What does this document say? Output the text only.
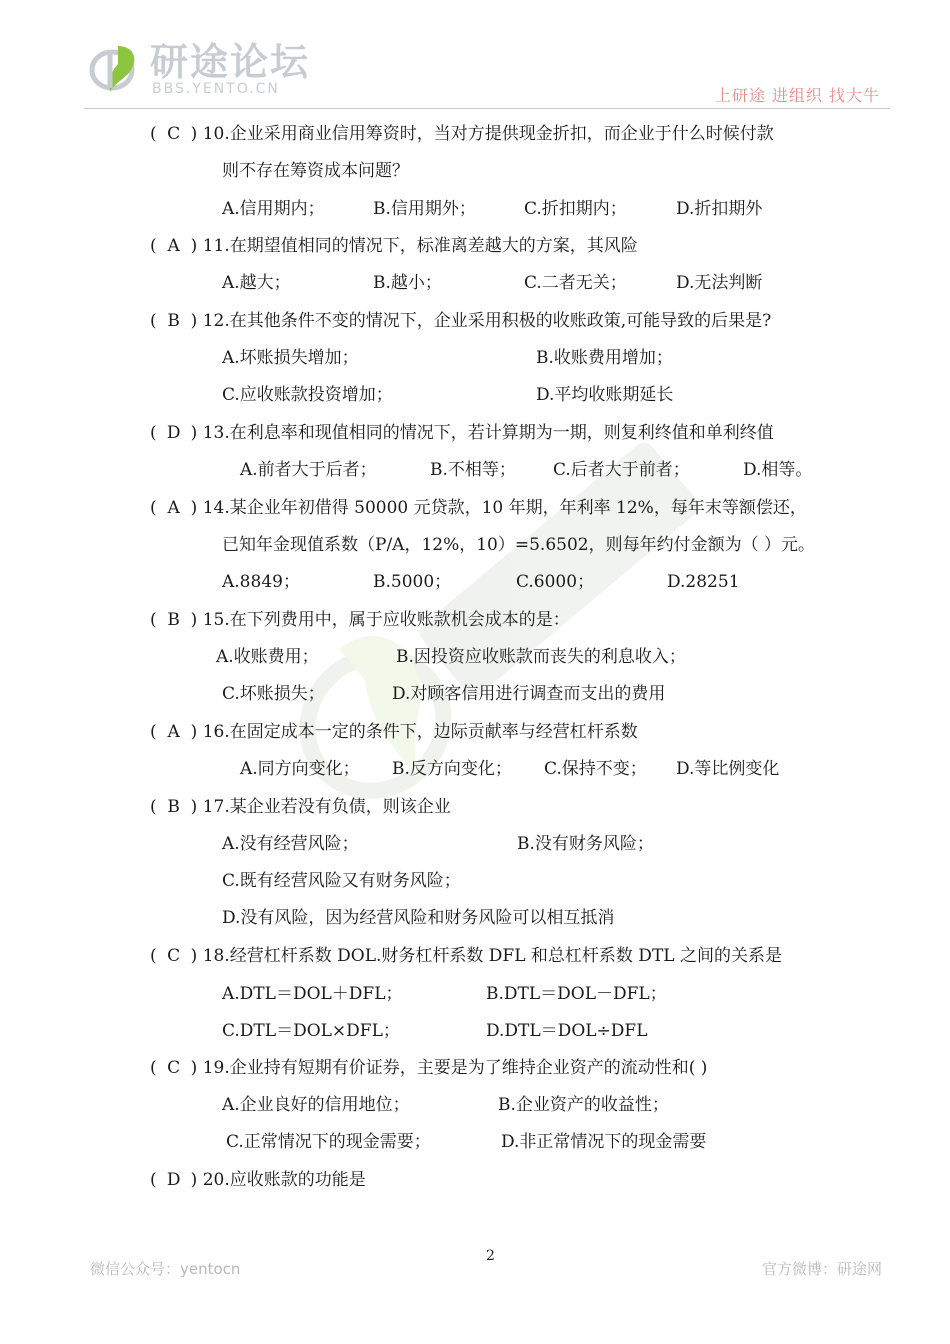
研途论坛
BBS.YENTO.CN	上研途 进组织 找大牛
( C ) 10.企业采用商业信用筹资时，当对方提供现金折扣，而企业于什么时候付款
则不存在筹资成本问题？
A.信用期内；	B.信用期外；	C.折扣期内；	D.折扣期外
( A ) 11.在期望值相同的情况下，标准离差越大的方案，其风险
A.越大；	B.越小；	C.二者无关；	D.无法判断
( B ) 12.在其他条件不变的情况下，企业采用积极的收账政策,可能导致的后果是?
A.坏账损失增加；	B.收账费用增加；
C.应收账款投资增加；	D.平均收账期延长
( D ) 13.在利息率和现值相同的情况下，若计算期为一期，则复利终值和单利终值
A.前者大于后者；	B.不相等； C.后者大于前者；	D.相等。
( A ) 14.某企业年初借得 50000 元贷款，10 年期，年利率 12%，每年末等额偿还，
已知年金现值系数（P/A，12%，10）=5.6502，则每年约付金额为（ ）元。
A.8849；	B.5000；	C.6000；	D.28251
( B ) 15.在下列费用中，属于应收账款机会成本的是：
A.收账费用；	B.因投资应收账款而丧失的利息收入；
C.坏账损失；	D.对顾客信用进行调查而支出的费用
( A ) 16.在固定成本一定的条件下，边际贡献率与经营杠杆系数
A.同方向变化； B.反方向变化； C.保持不变； D.等比例变化
( B ) 17.某企业若没有负债，则该企业
A.没有经营风险；	B.没有财务风险；
C.既有经营风险又有财务风险；
D.没有风险，因为经营风险和财务风险可以相互抵消
( C ) 18.经营杠杆系数 DOL.财务杠杆系数 DFL 和总杠杆系数 DTL 之间的关系是
A.DTL＝DOL＋DFL；	B.DTL＝DOL－DFL；
C.DTL＝DOL×DFL；	D.DTL＝DOL÷DFL
( C ) 19.企业持有短期有价证券，主要是为了维持企业资产的流动性和( )
A.企业良好的信用地位；	B.企业资产的收益性；
C.正常情况下的现金需要；	D.非正常情况下的现金需要
( D ) 20.应收账款的功能是
2
微信公众号：yentocn	官方微博：研途网
